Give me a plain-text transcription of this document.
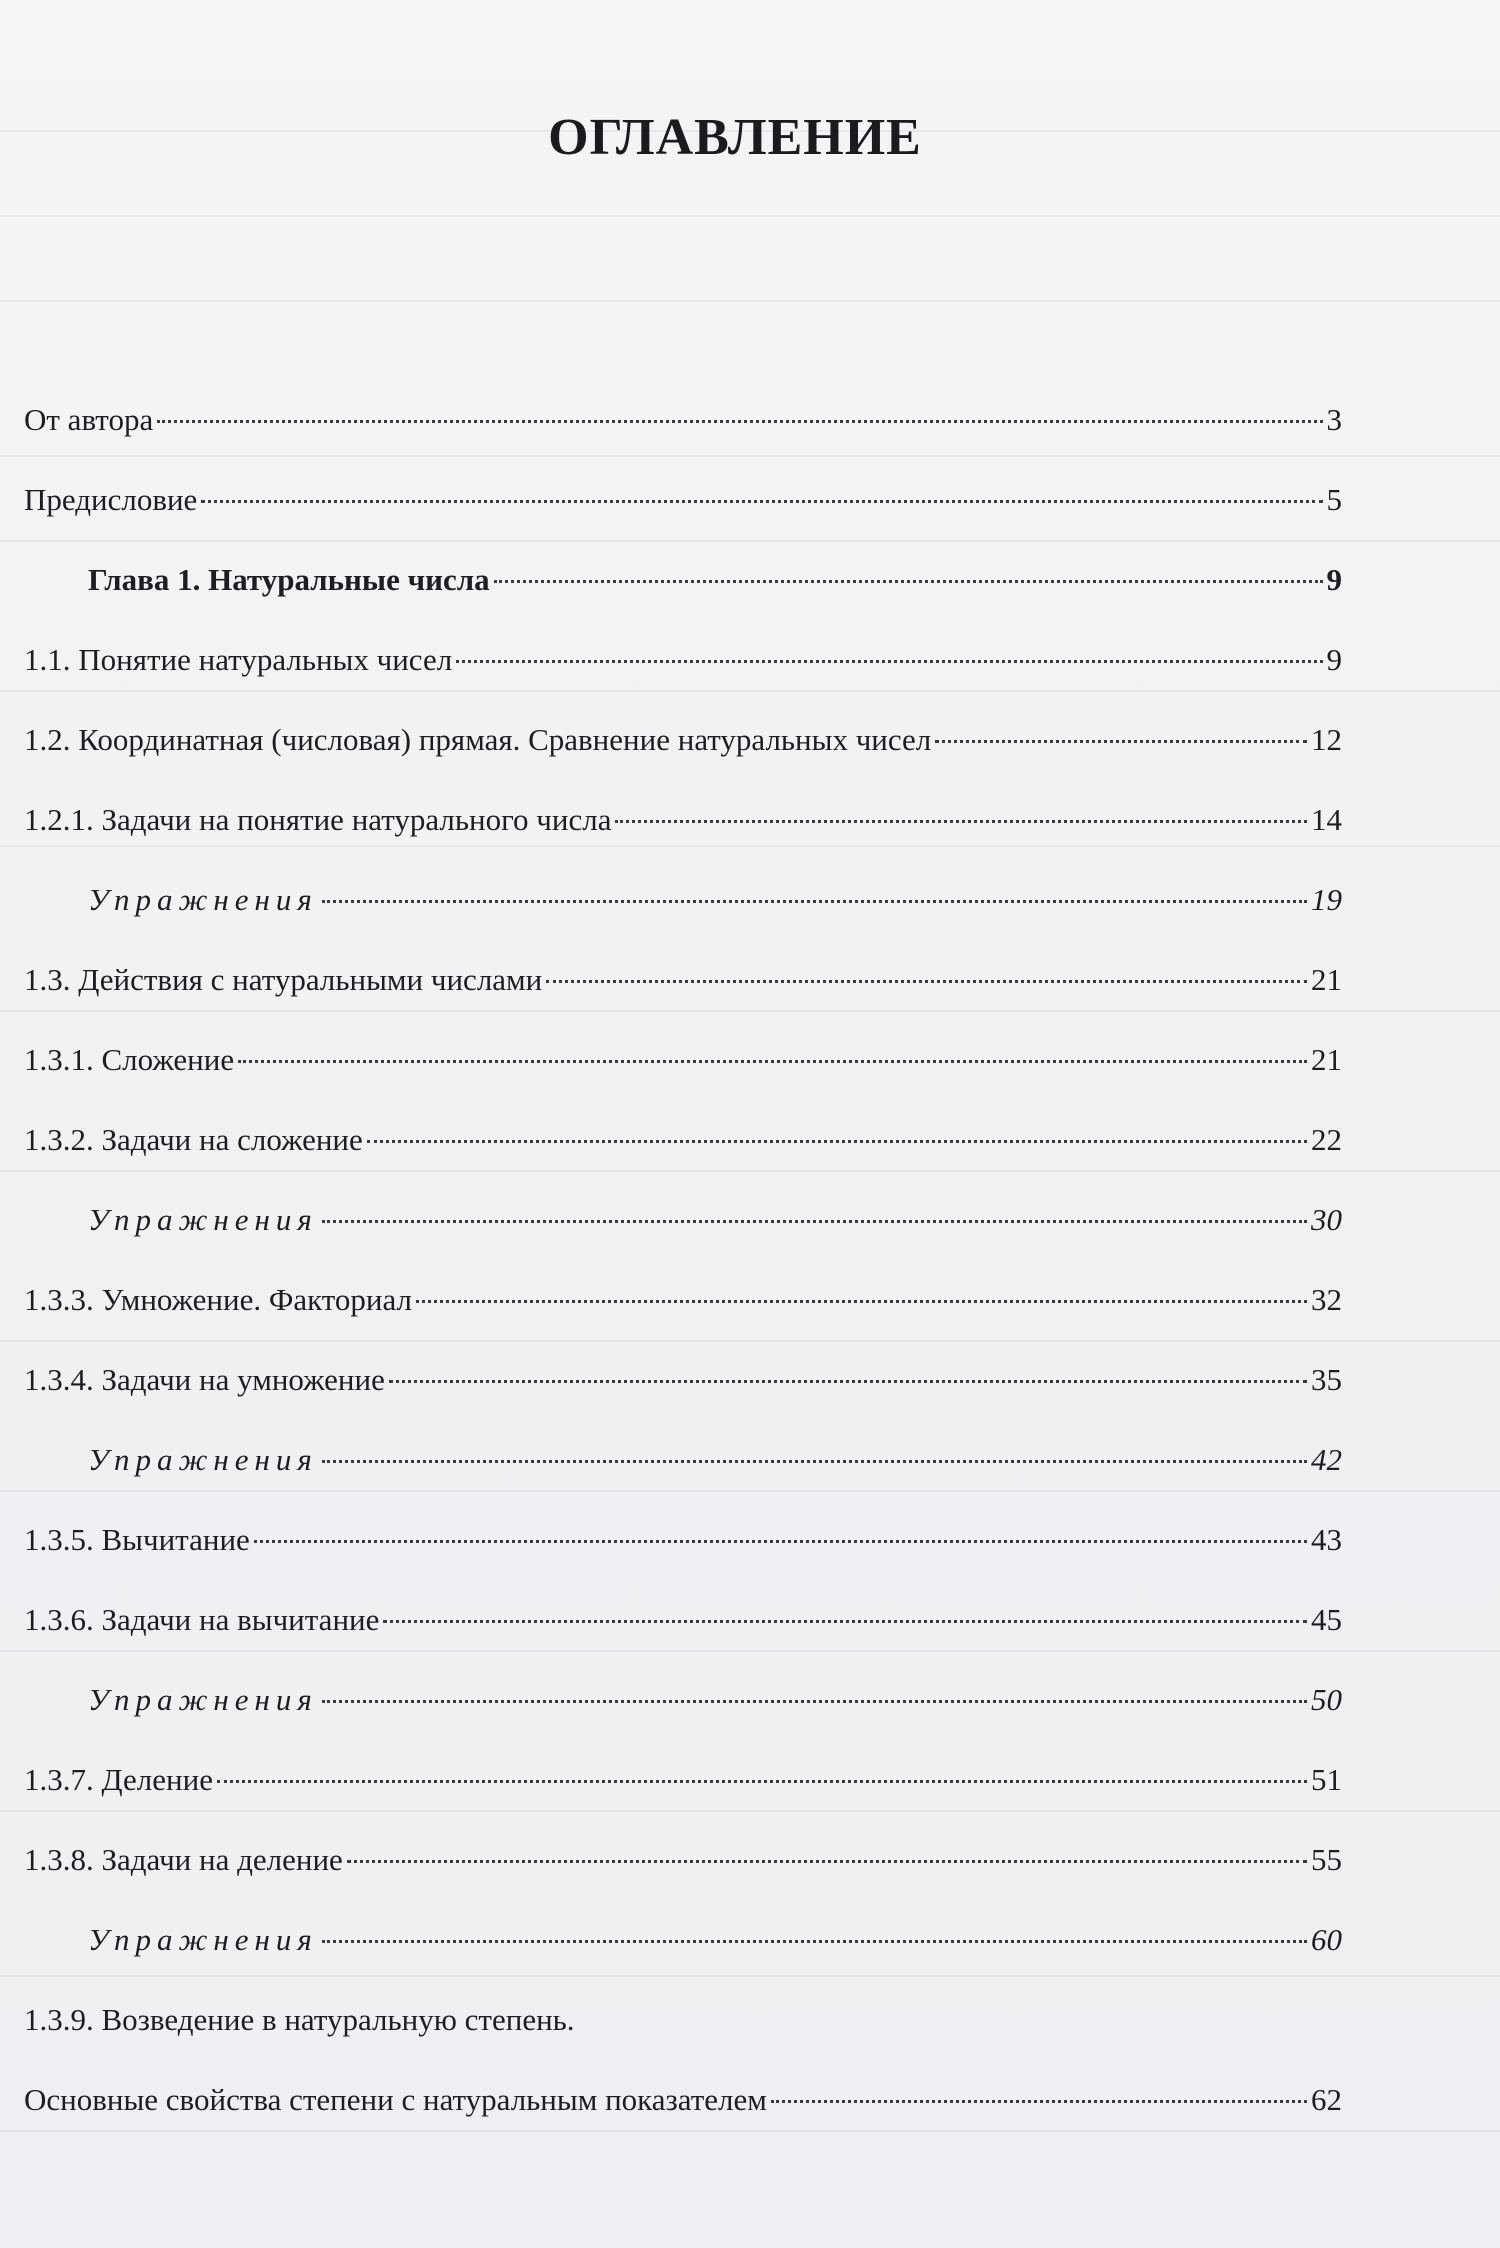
ОГЛАВЛЕНИЕ
От автора	3
Предисловие	5
Глава 1. Натуральные числа	9
1.1. Понятие натуральных чисел	9
1.2. Координатная (числовая) прямая. Сравнение натуральных чисел	12
1.2.1. Задачи на понятие натурального числа	14
Упражнения	19
1.3. Действия с натуральными числами	21
1.3.1. Сложение	21
1.3.2. Задачи на сложение	22
Упражнения	30
1.3.3. Умножение. Факториал	32
1.3.4. Задачи на умножение	35
Упражнения	42
1.3.5. Вычитание	43
1.3.6. Задачи на вычитание	45
Упражнения	50
1.3.7. Деление	51
1.3.8. Задачи на деление	55
Упражнения	60
1.3.9. Возведение в натуральную степень.
Основные свойства степени с натуральным показателем	62
